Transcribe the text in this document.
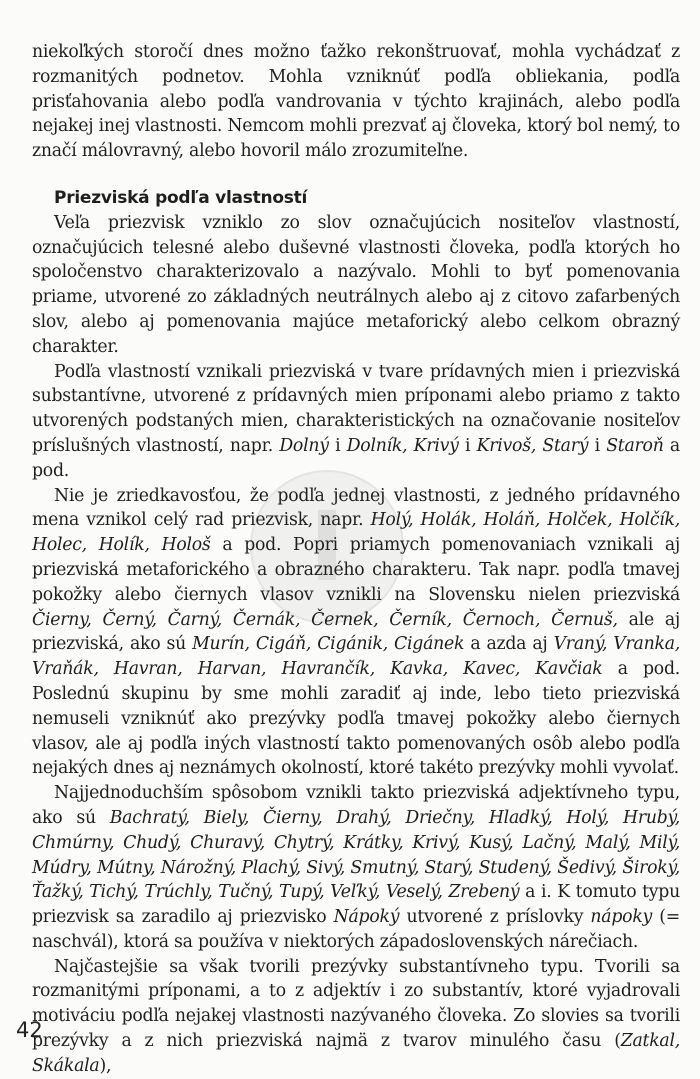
I

niekoľkých storočí dnes možno ťažko rekonštruovať, mohla vychádzať z rozmanitých podnetov. Mohla vzniknúť podľa obliekania, podľa prisťahovania alebo podľa vandrovania v týchto krajinách, alebo podľa nejakej inej vlastnosti. Nemcom mohli prezvať aj človeka, ktorý bol nemý, to značí málovravný, alebo hovoril málo zrozumiteľne.

Priezviská podľa vlastností

Veľa priezvisk vzniklo zo slov označujúcich nositeľov vlastností, označujúcich telesné alebo duševné vlastnosti človeka, podľa ktorých ho spoločenstvo charakterizovalo a nazývalo. Mohli to byť pomenovania priame, utvorené zo základných neutrálnych alebo aj z citovo zafarbených slov, alebo aj pomenovania majúce metaforický alebo celkom obrazný charakter.

Podľa vlastností vznikali priezviská v tvare prídavných mien i priezviská substantívne, utvorené z prídavných mien príponami alebo priamo z takto utvorených podstaných mien, charakteristických na označovanie nositeľov príslušných vlastností, napr. Dolný i Dolník, Krivý i Krivoš, Starý i Staroň a pod.

Nie je zriedkavosťou, že podľa jednej vlastnosti, z jedného prídavného mena vznikol celý rad priezvisk, napr. Holý, Holák, Holáň, Holček, Holčík, Holec, Holík, Hološ a pod. Popri priamych pomenovaniach vznikali aj priezviská metaforického a obrazného charakteru. Tak napr. podľa tmavej pokožky alebo čiernych vlasov vznikli na Slovensku nielen priezviská Čierny, Černý, Čarný, Černák, Černek, Černík, Černoch, Černuš, ale aj priezviská, ako sú Murín, Cigáň, Cigánik, Cigánek a azda aj Vraný, Vranka, Vraňák, Havran, Harvan, Havrančík, Kavka, Kavec, Kavčiak a pod. Poslednú skupinu by sme mohli zaradiť aj inde, lebo tieto priezviská nemuseli vzniknúť ako prezývky podľa tmavej pokožky alebo čiernych vlasov, ale aj podľa iných vlastností takto pomenovaných osôb alebo podľa nejakých dnes aj neznámych okolností, ktoré takéto prezývky mohli vyvolať.

Najjednoduchším spôsobom vznikli takto priezviská adjektívneho typu, ako sú Bachratý, Biely, Čierny, Drahý, Driečny, Hladký, Holý, Hrubý, Chmúrny, Chudý, Churavý, Chytrý, Krátky, Krivý, Kusý, Lačný, Malý, Milý, Múdry, Mútny, Nárožný, Plachý, Sivý, Smutný, Starý, Studený, Šedivý, Široký, Ťažký, Tichý, Trúchly, Tučný, Tupý, Veľký, Veselý, Zrebený a i. K tomuto typu priezvisk sa zaradilo aj priezvisko Nápoký utvorené z príslovky nápoky (= naschvál), ktorá sa používa v niektorých západoslovenských nárečiach.

Najčastejšie sa však tvorili prezývky substantívneho typu. Tvorili sa rozmanitými príponami, a to z adjektív i zo substantív, ktoré vyjadrovali motiváciu podľa nejakej vlastnosti nazývaného človeka. Zo slovies sa tvorili prezývky a z nich priezviská najmä z tvarov minulého času (Zatkal, Skákala),

42
